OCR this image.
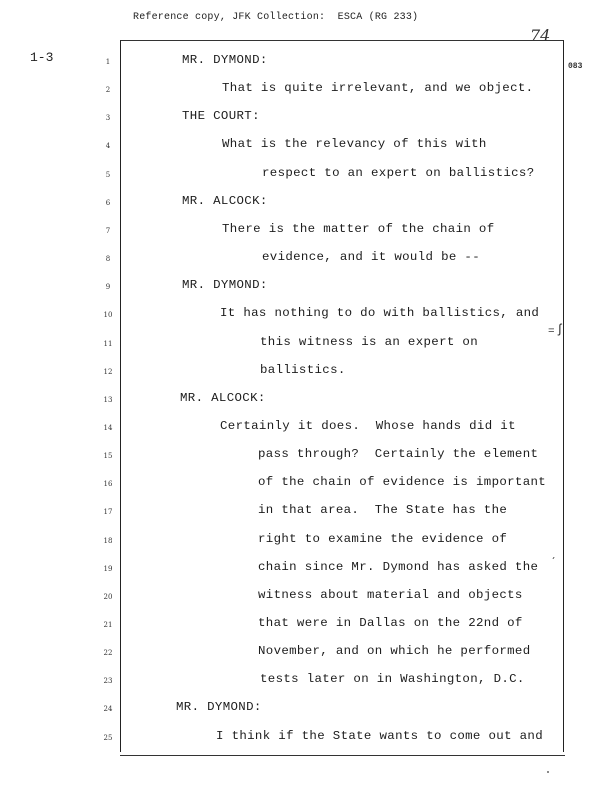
Reference copy, JFK Collection:  ESCA (RG 233)
1-3
74
083
1	MR. DYMOND:
2	That is quite irrelevant, and we object.
3	THE COURT:
4	What is the relevancy of this with
5	respect to an expert on ballistics?
6	MR. ALCOCK:
7	There is the matter of the chain of
8	evidence, and it would be --
9	MR. DYMOND:
10	It has nothing to do with ballistics, and
11	this witness is an expert on
12	ballistics.
13	MR. ALCOCK:
14	Certainly it does.  Whose hands did it
15	pass through?  Certainly the element
16	of the chain of evidence is important
17	in that area.  The State has the
18	right to examine the evidence of
19	chain since Mr. Dymond has asked the
20	witness about material and objects
21	that were in Dallas on the 22nd of
22	November, and on which he performed
23	tests later on in Washington, D.C.
24	MR. DYMOND:
25	I think if the State wants to come out and
= ʃ
ˊ
